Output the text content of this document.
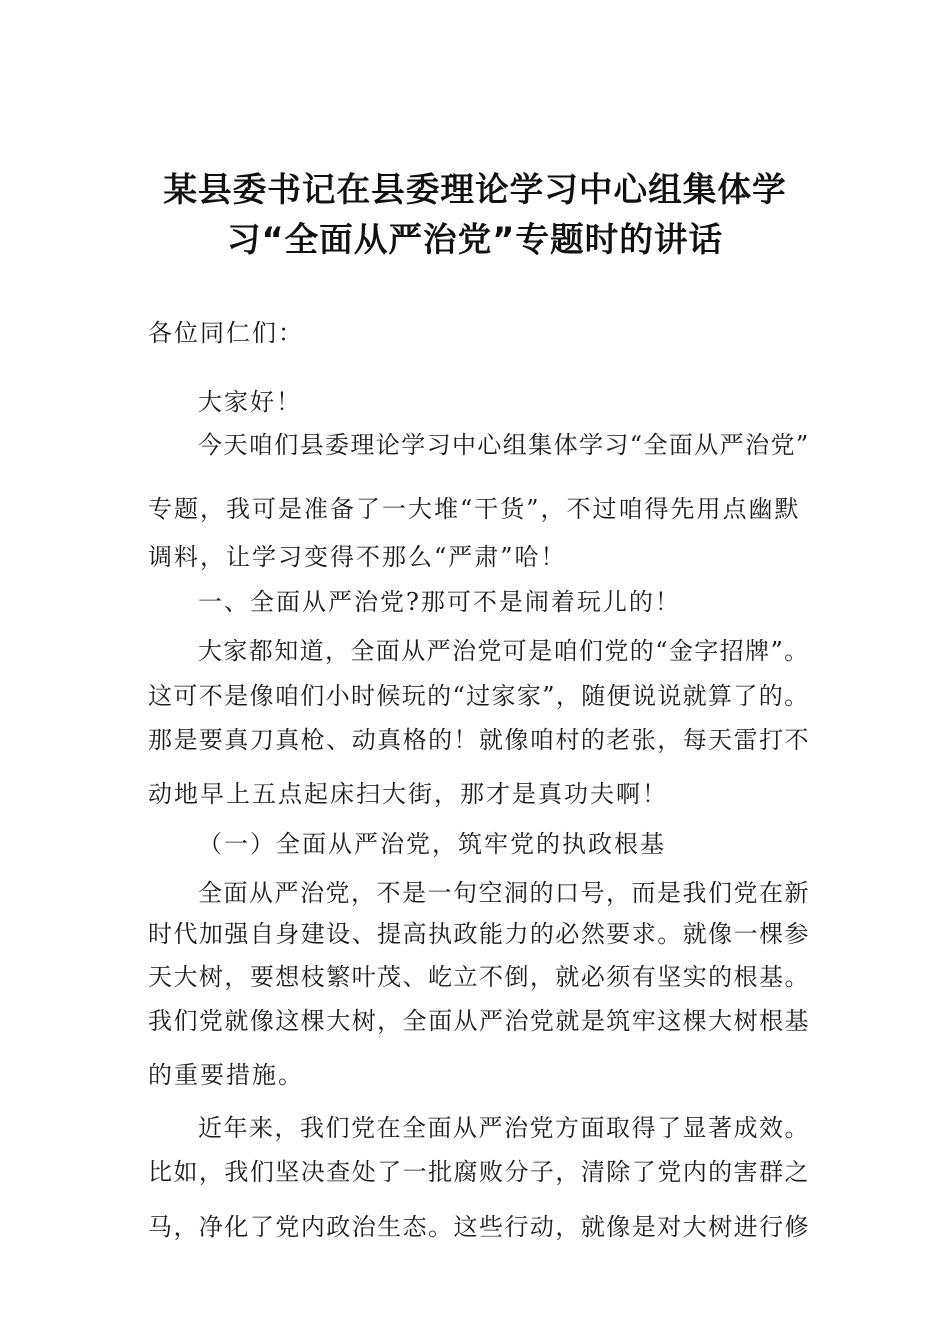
某县委书记在县委理论学习中心组集体学
习“全面从严治党”专题时的讲话
各位同仁们：
大家好！
今天咱们县委理论学习中心组集体学习“全面从严治党”
专题，我可是准备了一大堆“干货”，不过咱得先用点幽默
调料，让学习变得不那么“严肃”哈！
一、全面从严治党?那可不是闹着玩儿的！
大家都知道，全面从严治党可是咱们党的“金字招牌”。
这可不是像咱们小时候玩的“过家家”，随便说说就算了的。
那是要真刀真枪、动真格的！就像咱村的老张，每天雷打不
动地早上五点起床扫大街，那才是真功夫啊！
（一）全面从严治党，筑牢党的执政根基
全面从严治党，不是一句空洞的口号，而是我们党在新
时代加强自身建设、提高执政能力的必然要求。就像一棵参
天大树，要想枝繁叶茂、屹立不倒，就必须有坚实的根基。
我们党就像这棵大树，全面从严治党就是筑牢这棵大树根基
的重要措施。
近年来，我们党在全面从严治党方面取得了显著成效。
比如，我们坚决查处了一批腐败分子，清除了党内的害群之
马，净化了党内政治生态。这些行动，就像是对大树进行修
